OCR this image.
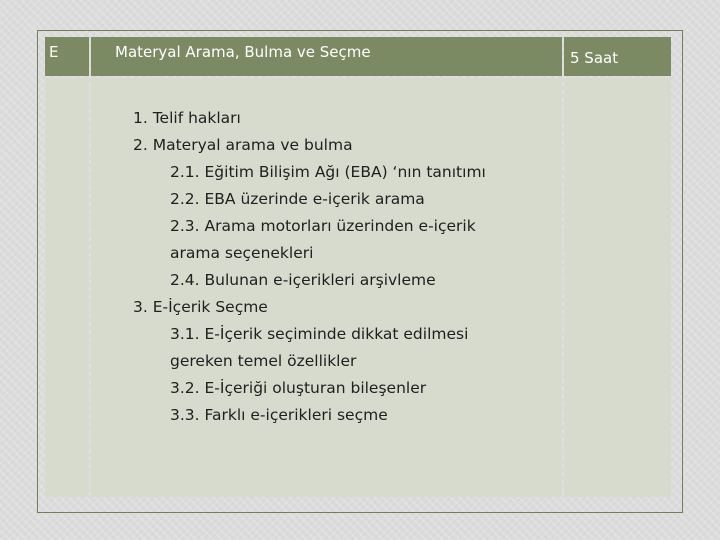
E	Materyal Arama, Bulma ve Seçme	5 Saat
1. Telif hakları
2. Materyal arama ve bulma
2.1. Eğitim Bilişim Ağı (EBA) ‘nın tanıtımı
2.2. EBA üzerinde e-içerik arama
2.3. Arama motorları üzerinden e-içerik
arama seçenekleri
2.4. Bulunan e-içerikleri arşivleme
3. E-İçerik Seçme
3.1. E-İçerik seçiminde dikkat edilmesi
gereken temel özellikler
3.2. E-İçeriği oluşturan bileşenler
3.3. Farklı e-içerikleri seçme
